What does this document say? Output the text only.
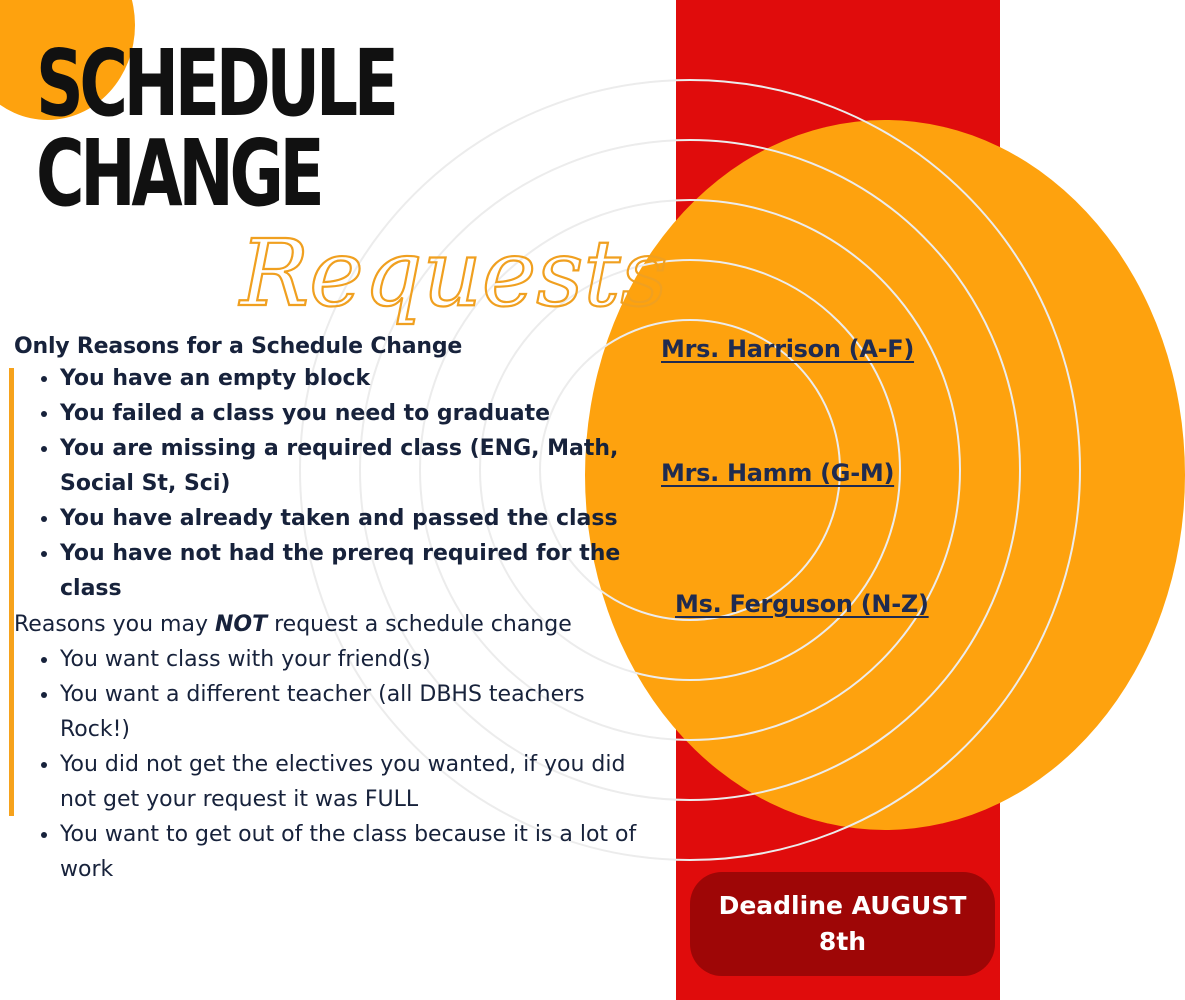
SCHEDULE
CHANGE
Requests

Only Reasons for a Schedule Change

• You have an empty block
• You failed a class you need to graduate
• You are missing a required class (ENG, Math, Social St, Sci)
• You have already taken and passed the class
• You have not had the prereq required for the class

Reasons you may NOT request a schedule change

• You want class with your friend(s)
• You want a different teacher (all DBHS teachers Rock!)
• You did not get the electives you wanted, if you did not get your request it was FULL
• You want to get out of the class because it is a lot of work
Mrs. Harrison (A-F)
Mrs. Hamm (G-M)
Ms. Ferguson (N-Z)
Deadline AUGUST 8th
